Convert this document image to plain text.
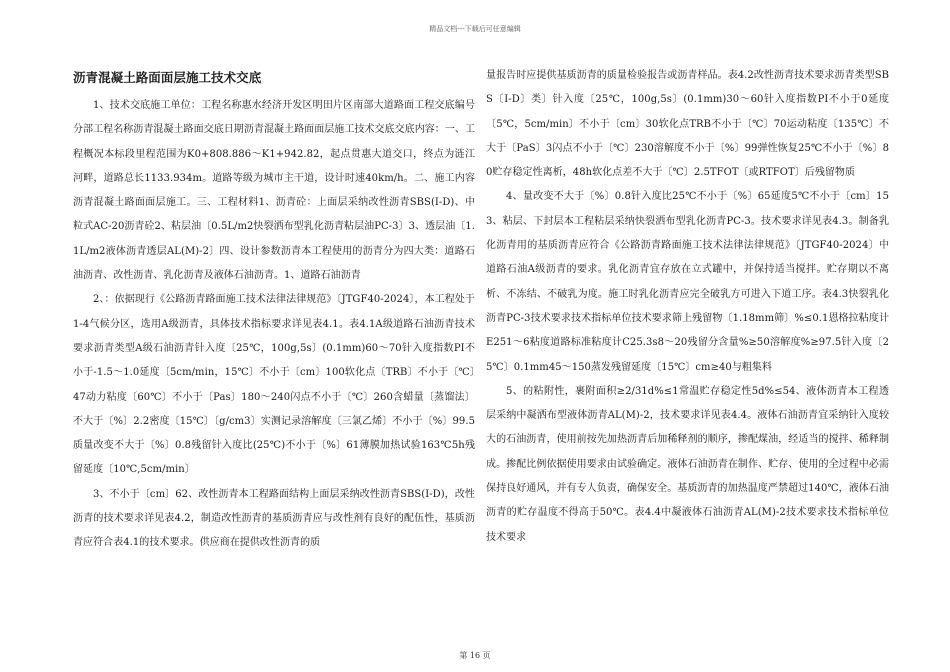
精品文档---下载后可任意编辑
沥青混凝土路面面层施工技术交底

1、技术交底施工单位：工程名称惠水经济开发区明田片区南部大道路面工程交底编号分部工程名称沥青混凝土路面交底日期沥青混凝土路面面层施工技术交底交底内容：一、工程概况本标段里程范围为K0+808.886～K1+942.82，起点贯惠大道交口，终点为涟江河畔，道路总长1133.934m。道路等级为城市主干道，设计时速40km/h。二、施工内容沥青混凝土路面面层施工。三、工程材料1、沥青砼：上面层采纳改性沥青SBS(I-D)、中粒式AC-20沥青砼2、粘层油〔0.5L/m2快裂洒布型乳化沥青粘层油PC-3〕3、透层油〔1.1L/m2液体沥青透层AL(M)-2〕四、设计参数沥青本工程使用的沥青分为四大类：道路石油沥青、改性沥青、乳化沥青及液体石油沥青。1、道路石油沥青

2、：依据现行《公路沥青路面施工技术法律法律规范》〔JTGF40-2024〕，本工程处于1-4气候分区，选用A级沥青，具体技术指标要求详见表4.1。表4.1A级道路石油沥青技术要求沥青类型A级石油沥青针入度〔25℃，100g,5s〕(0.1mm)60～70针入度指数PI不小于-1.5～1.0延度〔5cm/min，15℃〕不小于〔cm〕100软化点〔TRB〕不小于〔℃〕47动力粘度〔60℃〕不小于〔Pas〕180～240闪点不小于〔℃〕260含蜡量〔蒸馏法〕不大于〔%〕2.2密度〔15℃〕〔g/cm3〕实测记录溶解度〔三氯乙烯〕不小于〔%〕99.5质量改变不大于〔%〕0.8残留针入度比(25℃)不小于〔%〕61薄膜加热试验163℃5h残留延度〔10℃,5cm/min〕

3、不小于〔cm〕62、改性沥青本工程路面结构上面层采纳改性沥青SBS(I-D)，改性沥青的技术要求详见表4.2，制造改性沥青的基质沥青应与改性剂有良好的配伍性，基质沥青应符合表4.1的技术要求。供应商在提供改性沥青的质

量报告时应提供基质沥青的质量检验报告或沥青样品。表4.2改性沥青技术要求沥青类型SBS〔I-D〕类〕针入度〔25℃，100g,5s〕(0.1mm)30～60针入度指数PI不小于0延度〔5℃，5cm/min〕不小于〔cm〕30软化点TRB不小于〔℃〕70运动粘度〔135℃〕不大于〔PaS〕3闪点不小于〔℃〕230溶解度不小于〔%〕99弹性恢复25℃不小于〔%〕80贮存稳定性离析，48h软化点差不大于〔℃〕2.5TFOT〔或RTFOT〕后残留物质

4、量改变不大于〔%〕0.8针入度比25℃不小于〔%〕65延度5℃不小于〔cm〕153、粘层、下封层本工程粘层采纳快裂洒布型乳化沥青PC-3。技术要求详见表4.3。制备乳化沥青用的基质沥青应符合《公路沥青路面施工技术法律法律规范》〔JTGF40-2024〕中道路石油A级沥青的要求。乳化沥青宜存放在立式罐中，并保持适当搅拌。贮存期以不离析、不冻结、不破乳为度。施工时乳化沥青应完全破乳方可进入下道工序。表4.3快裂乳化沥青PC-3技术要求技术指标单位技术要求筛上残留物〔1.18mm筛〕%≤0.1恩格拉粘度计E251～6粘度道路标准粘度计C25.3s8～20残留分含量%≥50溶解度%≥97.5针入度〔25℃〕0.1mm45～150蒸发残留延度〔15℃〕cm≥40与粗集料

5、的粘附性，裹附面积≥2/31d%≤1常温贮存稳定性5d%≤54、液体沥青本工程透层采纳中凝洒布型液体沥青AL(M)-2，技术要求详见表4.4。液体石油沥青宜采纳针入度较大的石油沥青，使用前按先加热沥青后加稀释剂的顺序，掺配煤油，经适当的搅拌、稀释制成。掺配比例依据使用要求由试验确定。液体石油沥青在制作、贮存、使用的全过程中必需保持良好通风，并有专人负责，确保安全。基质沥青的加热温度严禁超过140℃，液体石油沥青的贮存温度不得高于50℃。表4.4中凝液体石油沥青AL(M)-2技术要求技术指标单位技术要求

第 16 页
